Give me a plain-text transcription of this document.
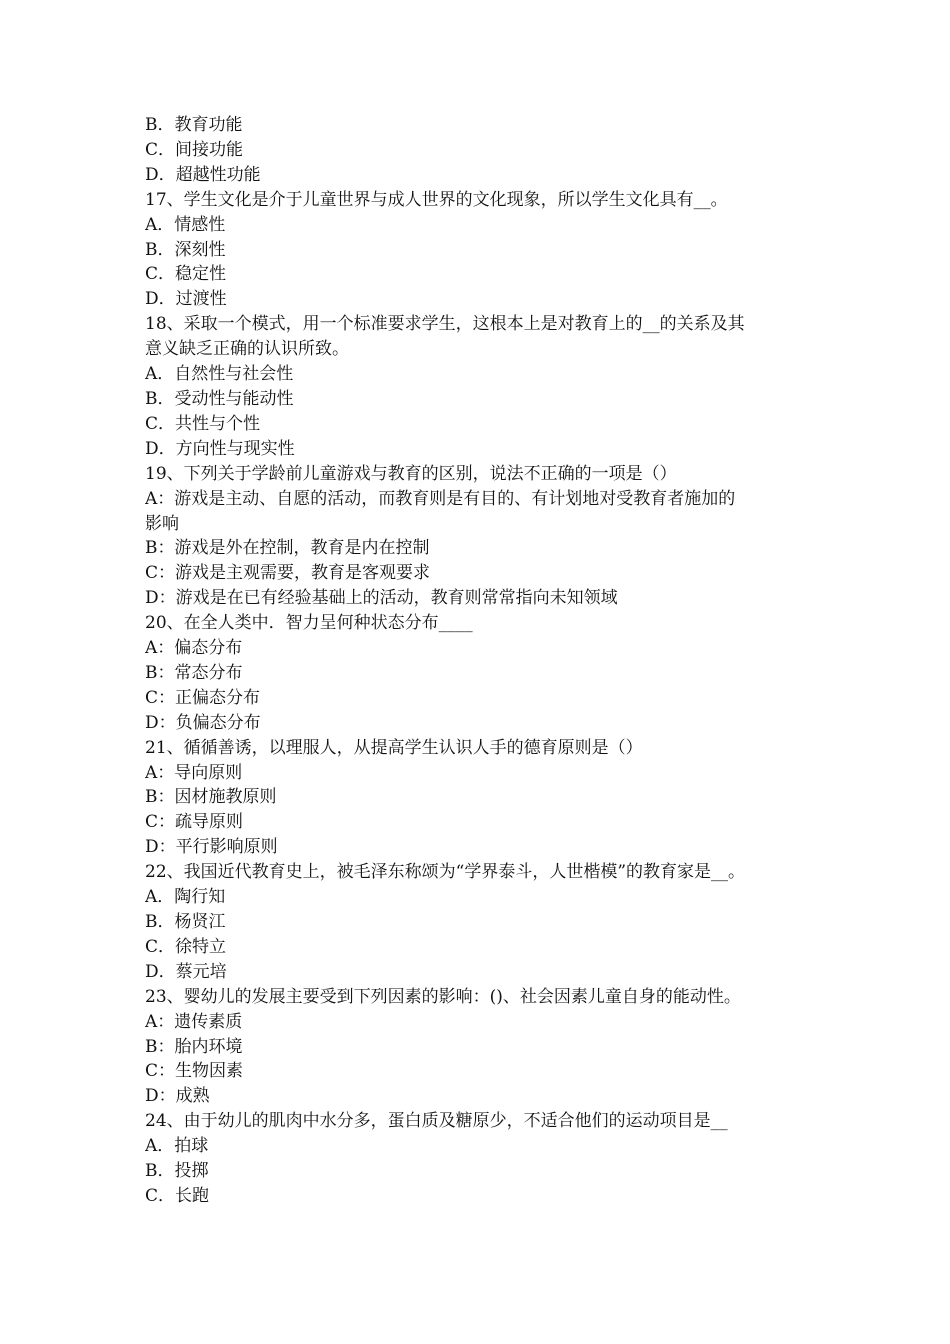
B．教育功能

C．间接功能

D．超越性功能

17、学生文化是介于儿童世界与成人世界的文化现象，所以学生文化具有__。

A．情感性

B．深刻性

C．稳定性

D．过渡性

18、采取一个模式，用一个标准要求学生，这根本上是对教育上的__的关系及其

意义缺乏正确的认识所致。

A．自然性与社会性

B．受动性与能动性

C．共性与个性

D．方向性与现实性

19、下列关于学龄前儿童游戏与教育的区别，说法不正确的一项是（）

A：游戏是主动、自愿的活动，而教育则是有目的、有计划地对受教育者施加的

影响

B：游戏是外在控制，教育是内在控制

C：游戏是主观需要，教育是客观要求

D：游戏是在已有经验基础上的活动，教育则常常指向未知领域

20、在全人类中．智力呈何种状态分布____

A：偏态分布

B：常态分布

C：正偏态分布

D：负偏态分布

21、循循善诱，以理服人，从提高学生认识人手的德育原则是（）

A：导向原则

B：因材施教原则

C：疏导原则

D：平行影响原则

22、我国近代教育史上，被毛泽东称颂为“学界泰斗，人世楷模”的教育家是__。

A．陶行知

B．杨贤江

C．徐特立

D．蔡元培

23、婴幼儿的发展主要受到下列因素的影响：()、社会因素儿童自身的能动性。

A：遗传素质

B：胎内环境

C：生物因素

D：成熟

24、由于幼儿的肌肉中水分多，蛋白质及糖原少，不适合他们的运动项目是__

A．拍球

B．投掷

C．长跑
